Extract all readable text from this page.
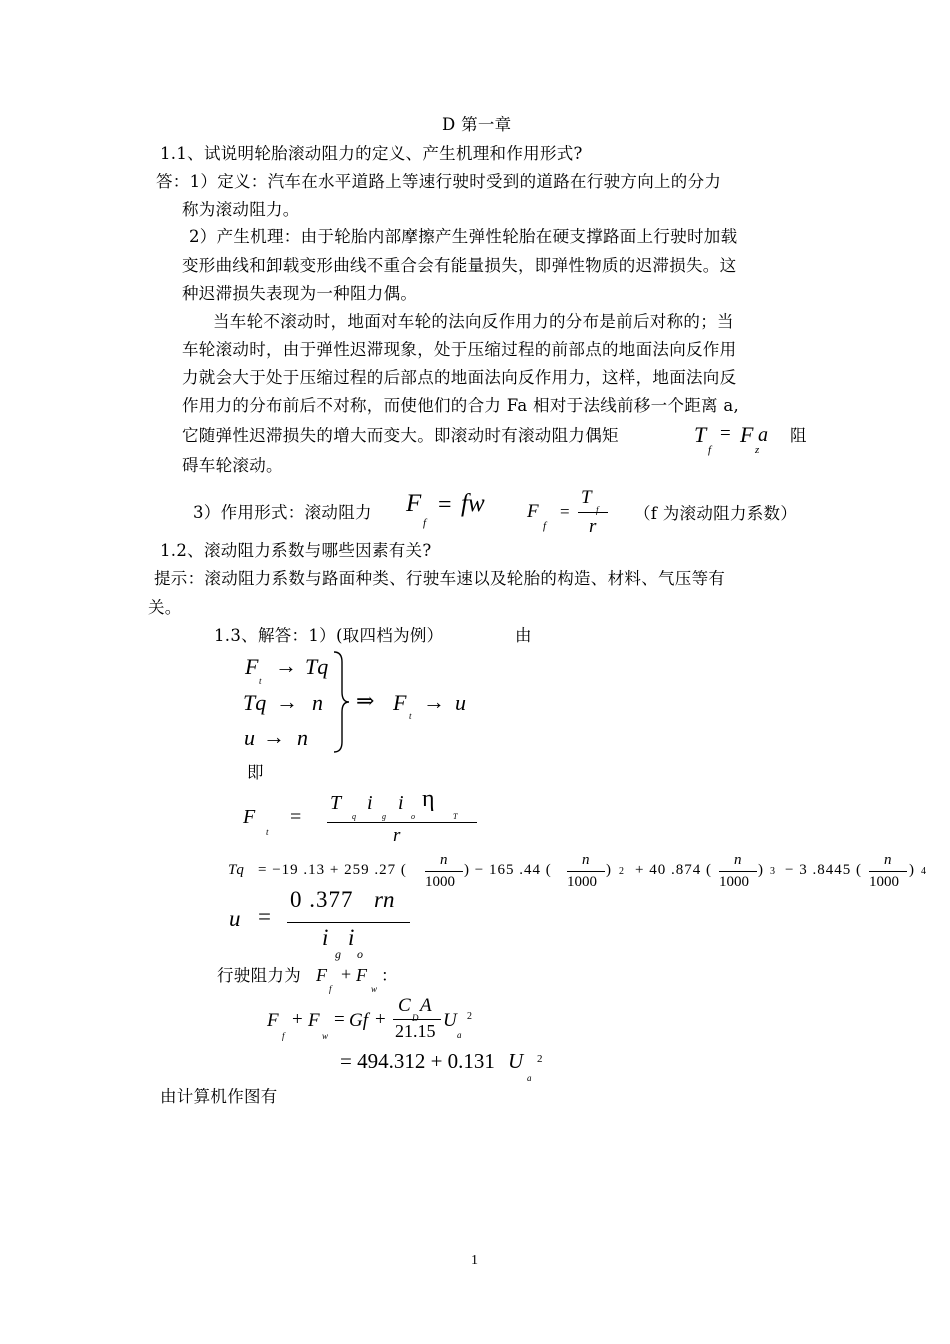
D 第一章
1.1、试说明轮胎滚动阻力的定义、产生机理和作用形式?
答：1）定义：汽车在水平道路上等速行驶时受到的道路在行驶方向上的分力
称为滚动阻力。
2）产生机理：由于轮胎内部摩擦产生弹性轮胎在硬支撑路面上行驶时加载
变形曲线和卸载变形曲线不重合会有能量损失，即弹性物质的迟滞损失。这
种迟滞损失表现为一种阻力偶。
当车轮不滚动时，地面对车轮的法向反作用力的分布是前后对称的；当
车轮滚动时，由于弹性迟滞现象，处于压缩过程的前部点的地面法向反作用
力就会大于处于压缩过程的后部点的地面法向反作用力，这样，地面法向反
作用力的分布前后不对称，而使他们的合力 Fa 相对于法线前移一个距离 a,
它随弹性迟滞损失的增大而变大。即滚动时有滚动阻力偶矩	T
f
= F a
z
阻
碍车轮滚动。
3）作用形式：滚动阻力 F
f
= fw F
f
=
T
f
r
（f 为滚动阻力系数）
1.2、滚动阻力系数与哪些因素有关?
提示：滚动阻力系数与路面种类、行驶车速以及轮胎的构造、材料、气压等有
关。
1.3、解答：1）(取四档为例）	由
F
t
→ Tq
Tq → n
u → n
⇒ F
t
→ u
即
F
t
=
T
q
i
g
i
o
η
T
r
Tq = −19 .13 + 259 .27 (
n
1000
) − 165 .44 (
n
1000
) 2 + 40 .874 (
n
1000
) 3 − 3 .8445 (
n
1000
) 4
u =
0 .377 rn
i i
g o
行驶阻力为 F
f
+ F
w
：
F
f
+ F
w
= Gf +
C
D
A
21.15 U
a
2
= 494.312 + 0.131 U
a
2
由计算机作图有
1
